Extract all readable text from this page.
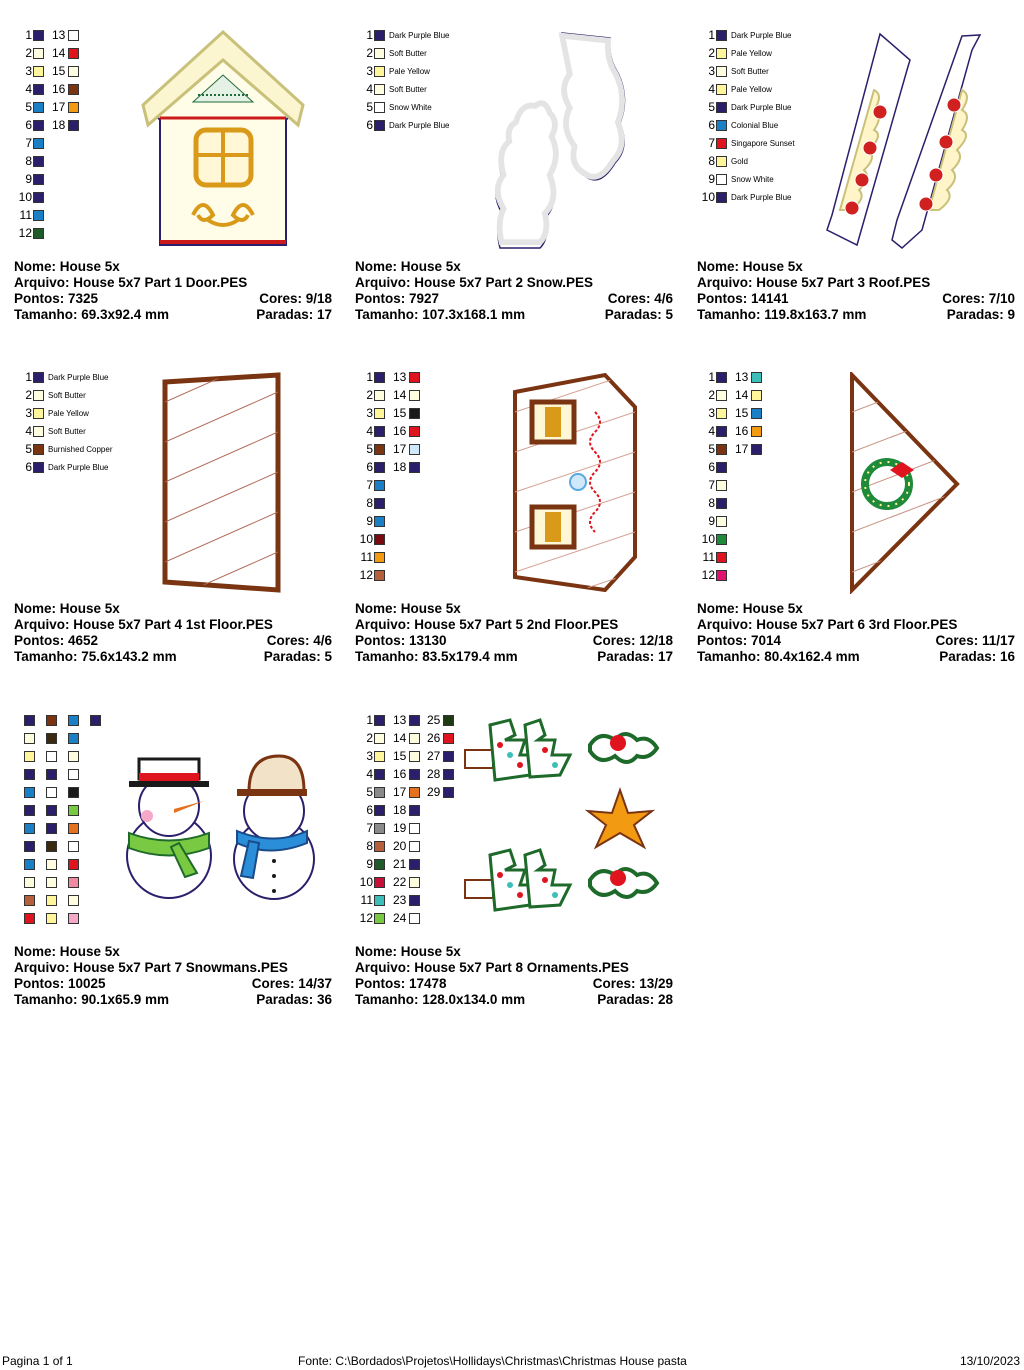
1
2
3
4
5
6
7
8
9
10
11
12
13
14
15
16
17
18
Nome: House 5x
Arquivo: House 5x7 Part 1 Door.PES
Pontos: 7325	Cores: 9/18
Tamanho: 69.3x92.4 mm	Paradas: 17
1 Dark Purple Blue
2 Soft Butter
3 Pale Yellow
4 Soft Butter
5 Snow White
6 Dark Purple Blue
Nome: House 5x
Arquivo: House 5x7 Part 2 Snow.PES
Pontos: 7927	Cores: 4/6
Tamanho: 107.3x168.1 mm	Paradas: 5
1 Dark Purple Blue
2 Pale Yellow
3 Soft Butter
4 Pale Yellow
5 Dark Purple Blue
6 Colonial Blue
7 Singapore Sunset
8 Gold
9 Snow White
10 Dark Purple Blue
Nome: House 5x
Arquivo: House 5x7 Part 3 Roof.PES
Pontos: 14141	Cores: 7/10
Tamanho: 119.8x163.7 mm	Paradas: 9
1 Dark Purple Blue
2 Soft Butter
3 Pale Yellow
4 Soft Butter
5 Burnished Copper
6 Dark Purple Blue
Nome: House 5x
Arquivo: House 5x7 Part 4 1st Floor.PES
Pontos: 4652	Cores: 4/6
Tamanho: 75.6x143.2 mm	Paradas: 5
1
2
3
4
5
6
7
8
9
10
11
12
13
14
15
16
17
18
Nome: House 5x
Arquivo: House 5x7 Part 5 2nd Floor.PES
Pontos: 13130	Cores: 12/18
Tamanho: 83.5x179.4 mm	Paradas: 17
1
2
3
4
5
6
7
8
9
10
11
12
13
14
15
16
17
Nome: House 5x
Arquivo: House 5x7 Part 6 3rd Floor.PES
Pontos: 7014	Cores: 11/17
Tamanho: 80.4x162.4 mm	Paradas: 16
Nome: House 5x
Arquivo: House 5x7 Part 7 Snowmans.PES
Pontos: 10025	Cores: 14/37
Tamanho: 90.1x65.9 mm	Paradas: 36
1
2
3
4
5
6
7
8
9
10
11
12
13
14
15
16
17
18
19
20
21
22
23
24
25
26
27
28
29
Nome: House 5x
Arquivo: House 5x7 Part 8 Ornaments.PES
Pontos: 17478	Cores: 13/29
Tamanho: 128.0x134.0 mm	Paradas: 28
Pagina 1 of 1	Fonte: C:\Bordados\Projetos\Hollidays\Christmas\Christmas House pasta	13/10/2023
